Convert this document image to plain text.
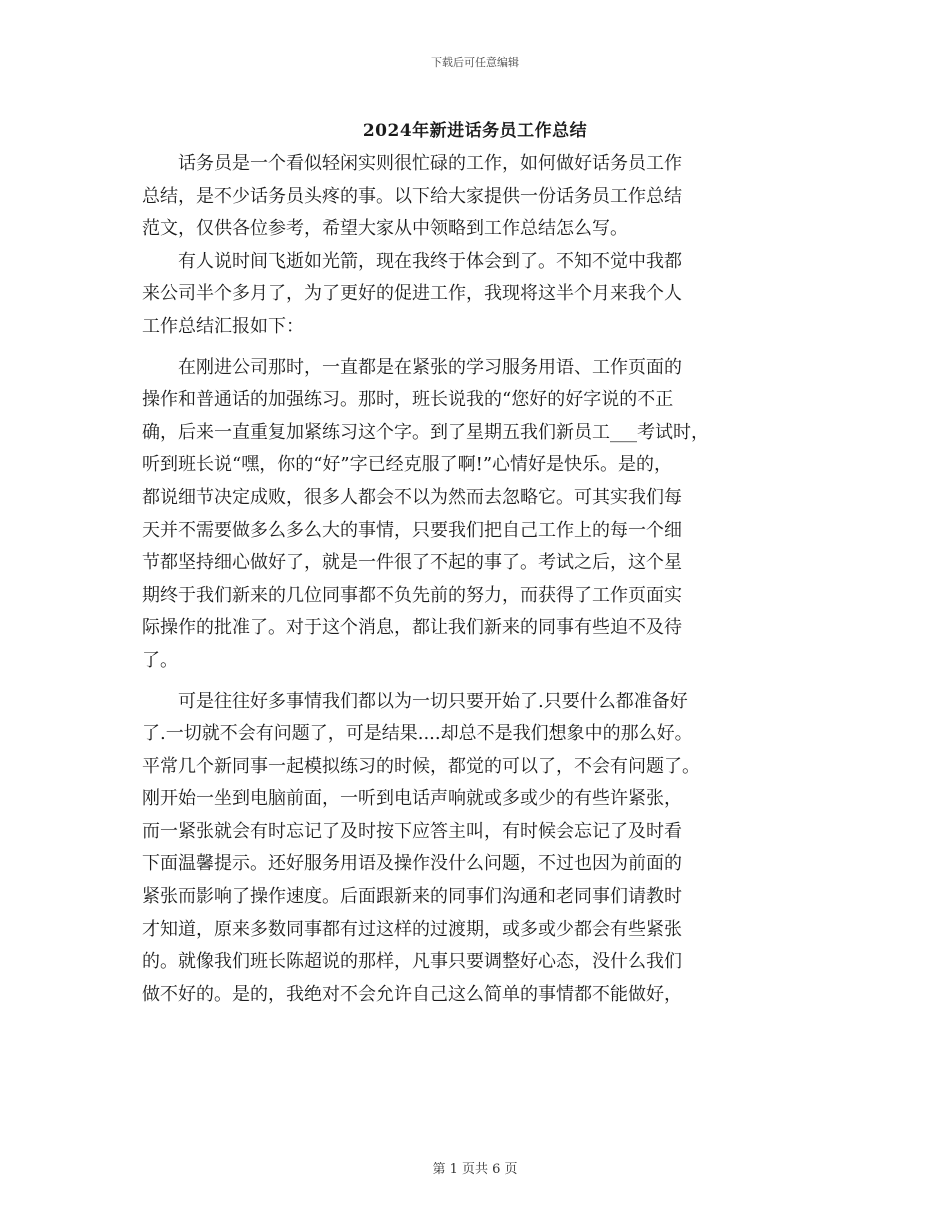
下载后可任意编辑
2024年新进话务员工作总结
　　话务员是一个看似轻闲实则很忙碌的工作，如何做好话务员工作
总结，是不少话务员头疼的事。以下给大家提供一份话务员工作总结
范文，仅供各位参考，希望大家从中领略到工作总结怎么写。
　　有人说时间飞逝如光箭，现在我终于体会到了。不知不觉中我都
来公司半个多月了，为了更好的促进工作，我现将这半个月来我个人
工作总结汇报如下：
　　在刚进公司那时，一直都是在紧张的学习服务用语、工作页面的
操作和普通话的加强练习。那时，班长说我的“您好的好字说的不正
确，后来一直重复加紧练习这个字。到了星期五我们新员工___考试时，
听到班长说“嘿，你的“好”字已经克服了啊!”心情好是快乐。是的，
都说细节决定成败，很多人都会不以为然而去忽略它。可其实我们每
天并不需要做多么多么大的事情，只要我们把自己工作上的每一个细
节都坚持细心做好了，就是一件很了不起的事了。考试之后，这个星
期终于我们新来的几位同事都不负先前的努力，而获得了工作页面实
际操作的批准了。对于这个消息，都让我们新来的同事有些迫不及待
了。
　　可是往往好多事情我们都以为一切只要开始了.只要什么都准备好
了.一切就不会有问题了，可是结果....却总不是我们想象中的那么好。
平常几个新同事一起模拟练习的时候，都觉的可以了，不会有问题了。
刚开始一坐到电脑前面，一听到电话声响就或多或少的有些许紧张，
而一紧张就会有时忘记了及时按下应答主叫，有时候会忘记了及时看
下面温馨提示。还好服务用语及操作没什么问题，不过也因为前面的
紧张而影响了操作速度。后面跟新来的同事们沟通和老同事们请教时
才知道，原来多数同事都有过这样的过渡期，或多或少都会有些紧张
的。就像我们班长陈超说的那样，凡事只要调整好心态，没什么我们
做不好的。是的，我绝对不会允许自己这么简单的事情都不能做好，
第 1 页共 6 页
